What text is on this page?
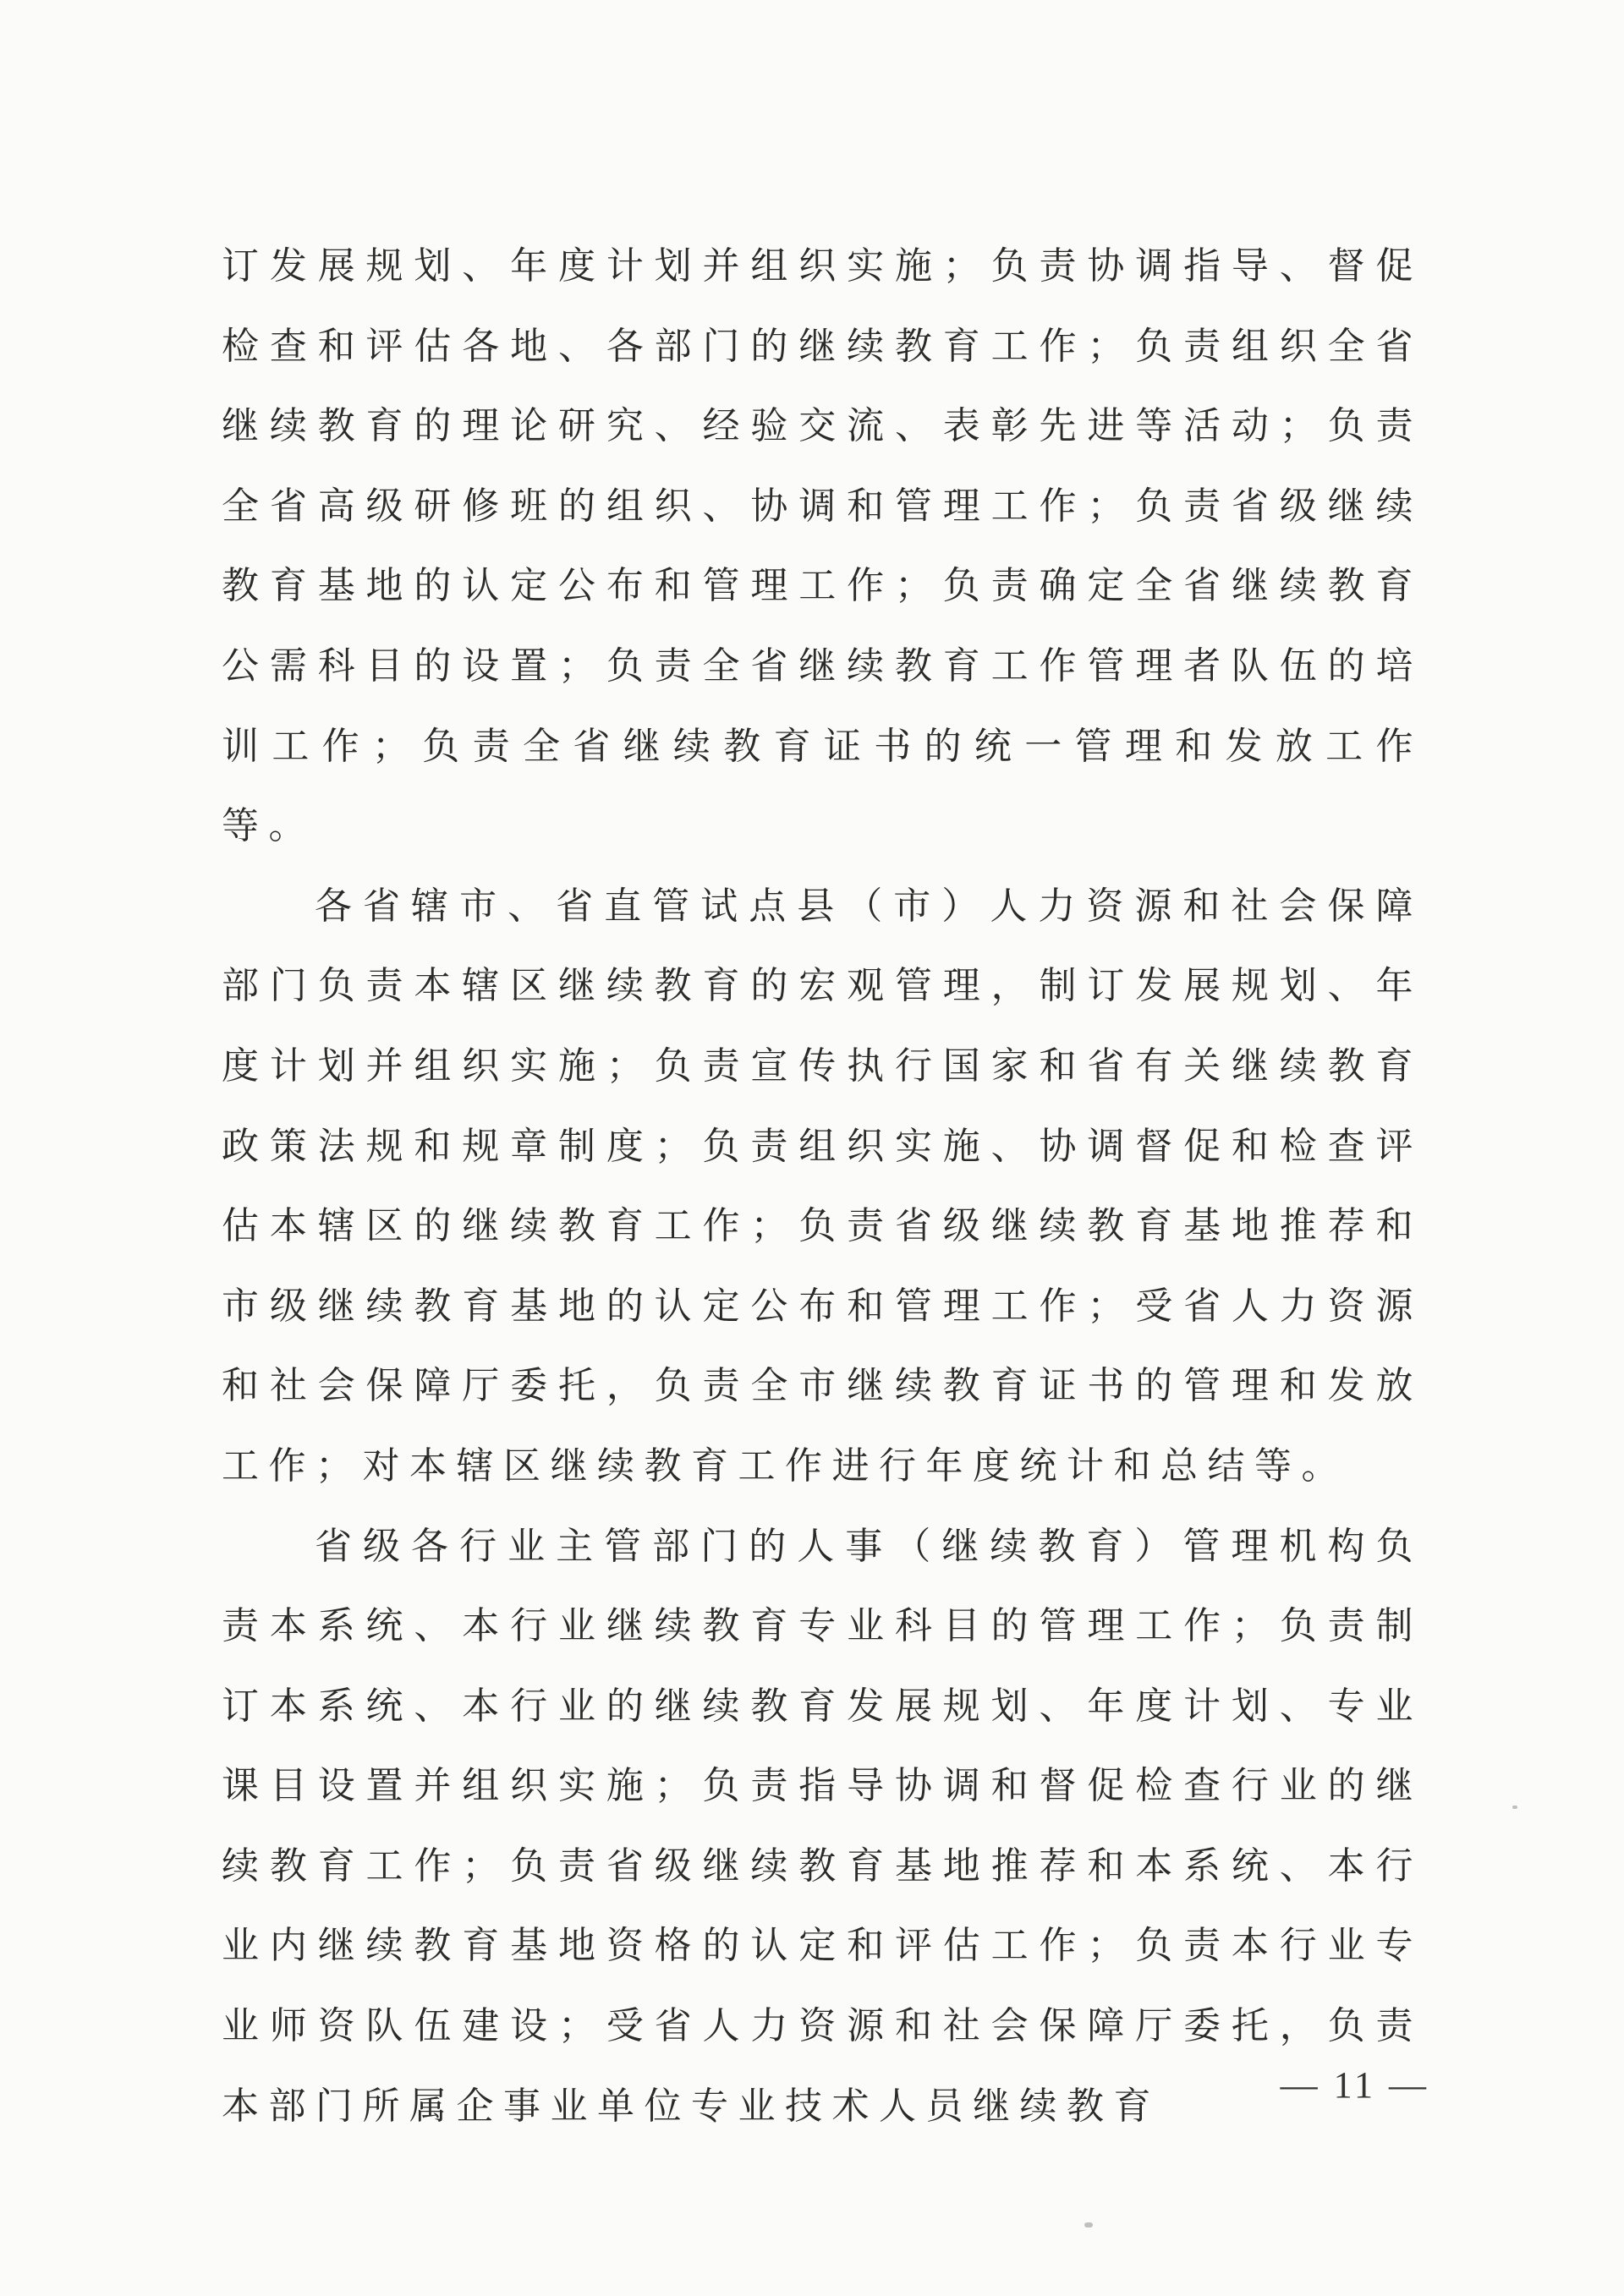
订发展规划、年度计划并组织实施；负责协调指导、督促检查和评估各地、各部门的继续教育工作；负责组织全省继续教育的理论研究、经验交流、表彰先进等活动；负责全省高级研修班的组织、协调和管理工作；负责省级继续教育基地的认定公布和管理工作；负责确定全省继续教育公需科目的设置；负责全省继续教育工作管理者队伍的培训工作；负责全省继续教育证书的统一管理和发放工作等。

各省辖市、省直管试点县（市）人力资源和社会保障部门负责本辖区继续教育的宏观管理，制订发展规划、年度计划并组织实施；负责宣传执行国家和省有关继续教育政策法规和规章制度；负责组织实施、协调督促和检查评估本辖区的继续教育工作；负责省级继续教育基地推荐和市级继续教育基地的认定公布和管理工作；受省人力资源和社会保障厅委托，负责全市继续教育证书的管理和发放工作；对本辖区继续教育工作进行年度统计和总结等。

省级各行业主管部门的人事（继续教育）管理机构负责本系统、本行业继续教育专业科目的管理工作；负责制订本系统、本行业的继续教育发展规划、年度计划、专业课目设置并组织实施；负责指导协调和督促检查行业的继续教育工作；负责省级继续教育基地推荐和本系统、本行业内继续教育基地资格的认定和评估工作；负责本行业专业师资队伍建设；受省人力资源和社会保障厅委托，负责本部门所属企事业单位专业技术人员继续教育	— 11 —
